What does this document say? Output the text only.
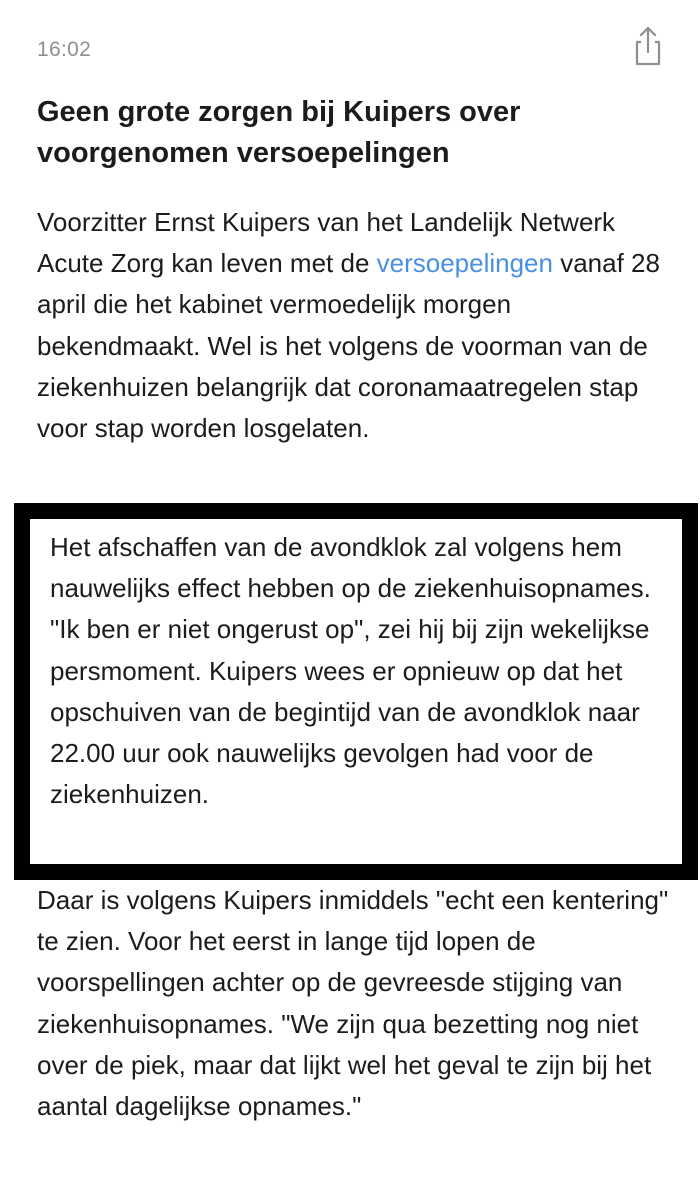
16:02
Geen grote zorgen bij Kuipers over voorgenomen versoepelingen

Voorzitter Ernst Kuipers van het Landelijk Netwerk Acute Zorg kan leven met de versoepelingen vanaf 28 april die het kabinet vermoedelijk morgen bekendmaakt. Wel is het volgens de voorman van de ziekenhuizen belangrijk dat coronamaatregelen stap voor stap worden losgelaten.

Het afschaffen van de avondklok zal volgens hem nauwelijks effect hebben op de ziekenhuisopnames. "Ik ben er niet ongerust op", zei hij bij zijn wekelijkse persmoment. Kuipers wees er opnieuw op dat het opschuiven van de begintijd van de avondklok naar 22.00 uur ook nauwelijks gevolgen had voor de ziekenhuizen.

Daar is volgens Kuipers inmiddels "echt een kentering" te zien. Voor het eerst in lange tijd lopen de voorspellingen achter op de gevreesde stijging van ziekenhuisopnames. "We zijn qua bezetting nog niet over de piek, maar dat lijkt wel het geval te zijn bij het aantal dagelijkse opnames."
